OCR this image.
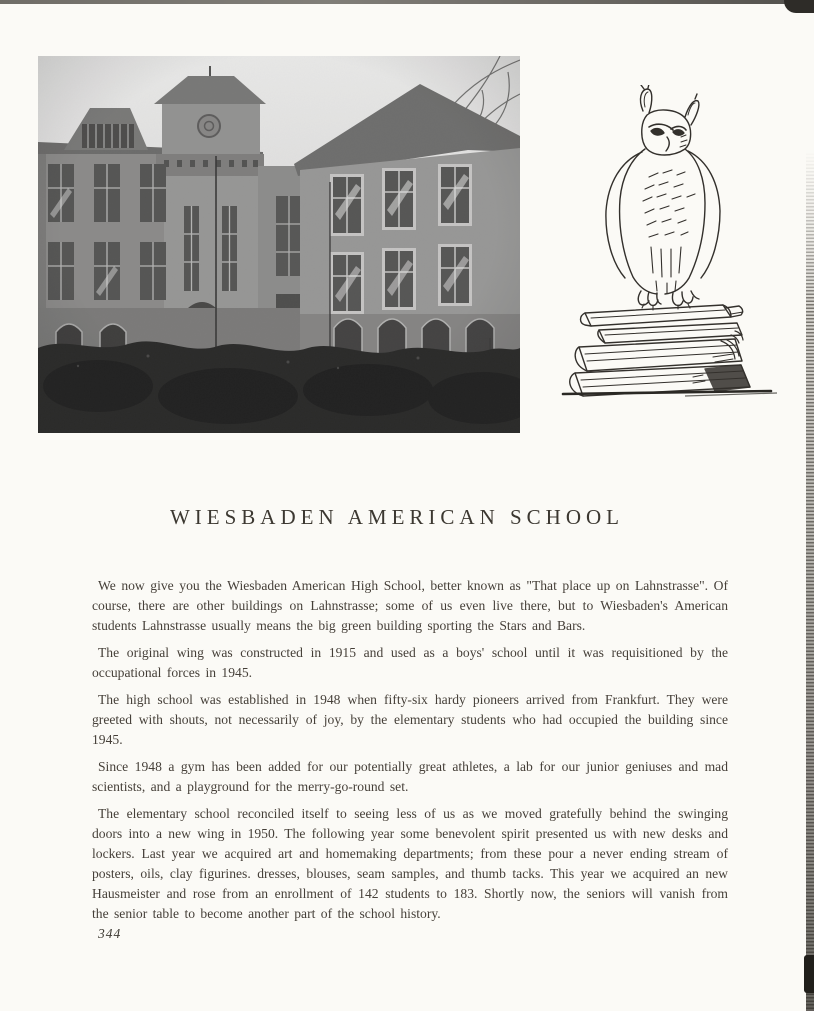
WIESBADEN AMERICAN SCHOOL

We now give you the Wiesbaden American High School, better known as "That place up on Lahnstrasse". Of course, there are other buildings on Lahnstrasse; some of us even live there, but to Wiesbaden's American students Lahnstrasse usually means the big green building sporting the Stars and Bars.

The original wing was constructed in 1915 and used as a boys' school until it was requisitioned by the occupational forces in 1945.

The high school was established in 1948 when fifty-six hardy pioneers arrived from Frankfurt. They were greeted with shouts, not necessarily of joy, by the elementary students who had occupied the building since 1945.

Since 1948 a gym has been added for our potentially great athletes, a lab for our junior geniuses and mad scientists, and a playground for the merry-go-round set.

The elementary school reconciled itself to seeing less of us as we moved gratefully behind the swinging doors into a new wing in 1950. The following year some benevolent spirit presented us with new desks and lockers. Last year we acquired art and homemaking departments; from these pour a never ending stream of posters, oils, clay figurines. dresses, blouses, seam samples, and thumb tacks. This year we acquired an new Hausmeister and rose from an enrollment of 142 students to 183. Shortly now, the seniors will vanish from the senior table to become another part of the school history.

344
